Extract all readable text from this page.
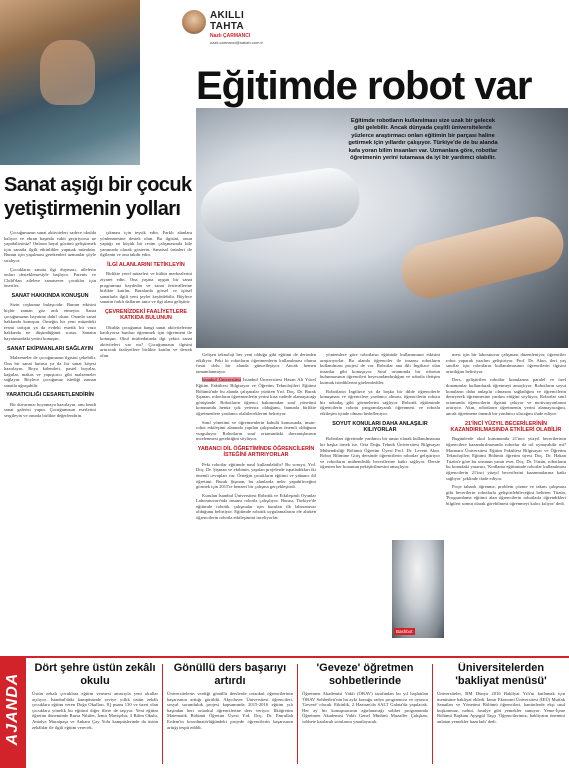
AKILLI
TAHTA
Nazlı ÇARMANCI
nazlı.carmanci@sabah.com.tr
Eğitimde robot var
Eğitimde robotların kullanılması size uzak bir gelecek gibi gelebilir. Ancak dünyada çeşitli üniversitelerde yüzlerce araştırmacı onları eğitimin bir parçası haline getirmek için yıllardır çalışıyor. Türkiye'de de bu alanda kafa yoran bilim insanları var. Uzmanlara göre, robotlar öğretmenin yerini tutamasa da iyi bir yardımcı olabilir.
Sanat aşığı bir çocuk
yetiştirmenin yolları

Çocuğunuzun sanat aktiviteleri sadece okulda kalıyor ve ekran başında vakit geçiriyorsa ne yapabilirsiniz? Onların hayal gücünü geliştirmek için sanatla ilgili etkinlikler yapmak mümkün. Bunun için yapılması gerekenleri uzmanlar şöyle sıralıyor.

Çocukların sanata ilgi duyması, ailelerin onları desteklemesiyle başlıyor. Parents ve Child'dan ailelere sanatsever çocuklar için öneriler.

SANAT HAKKINDA KONUŞUN

Sizin coşkunuz bulaşıcıdır. Bunun etkisini hiçbir zaman göz ardı etmeyin. Sanat çocuğunuzun hayatına dahil olsun. Onunla sanat hakkında konuşun. Örneğin bir yeni müzedeki resmi tartışın ya da evdeki estetik bir vazo hakkında ne düşündüğünü sorun. Sanatın hayatımızdaki yerini konuşun.

SANAT EKİPMANLARI SAĞLAYIN

Malzemeler de çocuğunuzun ilgisini çekebilir. Ona bir sanat kutusu ya da bir sanat köşesi hazırlayın. Boya kalemleri, pastel boyalar, kağıtlar, makas ve yapıştırıcı gibi malzemeler sağlayın. Böylece çocuğunuz istediği zaman sanatla uğraşabilir.

YARATICILIĞI CESARETLENDİRİN

Bir duvarınızı boyamaya hazırlayın, onu kendi sanat galerisi yapın. Çocuğunuzun eserlerini sergileyin ve onunla birlikte değerlendirin.

çıkması için teşvik edin. Farklı alanlara yönlenmesine destek olun. Bu ilgisini, onun yaptığı en küçük bir resim çalışmasında bile yanınızda olarak gösterin. Sanatsal ürünleri ile ilgilenin ve onu takdir edin.

İLGİ ALANLARINI TETİKLEYİN

Birlikte yerel müzeleri ve kültür merkezlerini ziyaret edin. Ona yaşına uygun bir sanat programına kaydedin ve sanat festivallerine birlikte katılın. Buralarda görsel ve işitsel sanatlarla ilgili yeni şeyler keşfedebilir. Böylece sanatın farklı dallarını tanır ve ilgi alanı geliştirir.

ÇEVRENİZDEKİ FAALİYETLERE KATKIDA BULUNUN

Okulda çocuğunuz hangi sanat aktivitelerine katılıyorsa bunları öğrenmek için öğretmeni ile konuşun. Okul müfredatında ilgi çekici sanat aktiviteleri var mı? Çocuğunuzun ilgisini artıracak faaliyetlere birlikte katılın ve destek olun.	Gelişen teknoloji her yeni olduğu gibi eğitimi de derinden etkiliyor. Peki ki robotların öğretmenlerin kullanılması olumu fırsat dolu bir alanda güncelleşiyor. Ancak hemen tamamlanmıyor.

İstanbul Üniversitesi İstanbul Üniversitesi Hasan Ali Yücel Eğitim Fakültesi Bilgisayar ve Öğretim Teknolojileri Eğitimi Bölümü'nde bu alanda çalışmalar yürüten Yrd. Doç. Dr. Burak Şişman, robotların öğretmenlerin yerini kısa vadede alamayacağı görüşünde. Robotların öğrenci bakımından sınıf yönetimi konusunda henüz çok yetersiz olduğunu, bununla birlikte öğretmenlere yardımcı olabileceklerini belirtiyor.

Sınıf yönetimi ve öğretmenlerin kabulü konusunda, insan-robot etkileşimi alanında yapılan çalışmaların önemli olduğunu vurguluyor. Robotların sınıf ortamındaki davranışlarının incelenmesi gerektiğini söylüyor.

YABANCI DİL ÖĞRETİMİNDE ÖĞRENCİLERİN İSTEĞİNİ ARTIRIYORLAR

Peki robotlar eğitimde nasıl kullanılabilir? Bu soruya, Yrd. Doç. Dr. Şişman ve ekibinin, yapılan projelerde ispatladıkları iki önemli cevapları var. Örneğin çocukların eğitimi ve yabancı dil öğretimi. Burak Şişman, bu alanlarda neler yapabileceğini görmek için 2015'te benzeri bir çalışma gerçekleştirdi.

Kurulan İstanbul Üniversitesi Robotik ve Etkileşimli Oyunlar Laboratuvarı'nda insansı robotla çalışılıyor. Burası, Türkiye'de eğitimde robotik çalışmalar için kurulan ilk laboratuvar olduğunu belirtiyor. Eğitimde robotik uygulamalarını ele alırken öğrencilerin robotla etkileşimini inceliyorlar.

yöntemlere göre robotların eğitimde kullanımının etkisini araştırıyorlar. Bu alanda öğrenciler ile insansı robotların kullanılması projesi de var. Robotlar ana dili İngilizce olan insanlar gibi konuşuyor. Sınıf ortamında bir robotun bulunmasının öğrencileri heyecanlandırdığını ve robotla iletişim kurmak istediklerini gözlemlediler.

Robotların İngilizce ya da başka bir dilde öğrencilerle konuşması ve öğrencilere yardımcı olması, öğrencilerin robotu bir arkadaş gibi görmelerini sağlıyor. Robotik eğitiminde öğrencilerin robotu programlayarak öğrenmesi ve robotla etkileşim içinde olması hedefleniyor.

SOYUT KONULARI DAHA ANLAŞILIR KILIYORLAR

Robotları öğretimde yardımcı bir unsur olarak kullanılmasına bir başka örnek ise, Orta Doğu Teknik Üniversitesi Bilgisayar Mühendisliği Bölümü Öğretim Üyesi Prof. Dr. Levent Akın. Robot Bilimine Giriş dersinde öğrencilerin robotlar geliştiriyor ve robotların mühendislik becerilerine katkı sağlıyor. Derste öğrenen her konunun pekiştirilmesini amaçlıyor.

Bashbot

mesi için bir laboratuvar çalışması düzenleniyor, öğrenciler robot yaparak yazılım geliştiriyor. Prof. Dr. Akın, ileri yaş sınıflar için robotların kullanılmasının öğrencilerin ilgisini artırdığını belirtiyor.

Ders, geliştirilen robotlar konularına paralel ve özel donanımlar kullanılarak öğretmeyi amaçlıyor. Robotların soyut konuların daha anlaşılır olmasını sağladığını ve öğrencilerin deneyerek öğrenmesine yardım ettiğini söylüyor. Robotlar sınıf ortamında öğrencilerin ilgisini çekiyor ve motivasyonlarını artırıyor. Akın, robotların öğretmenin yerini alamayacağını, ancak öğretmene önemli bir yardımcı olacağını ifade ediyor.

21'İNCİ YÜZYIL BECERİLERİNİN KAZANDIRILMASINDA ETKİLERİ OLABİLİR

Bugünlerde okul kurumunda 21'inci yüzyıl becerilerinin öğrencilere kazandırılmasında robotlar da rol oynayabilir mi? Marmara Üniversitesi Eğitim Fakültesi Bilgisayar ve Öğretim Teknolojileri Eğitimi Bölümü öğretim üyesi Doç. Dr. Hakan Tüzün'e göre bu sorunun yanıtı evet. Doç. Dr. Tüzün, robotların bu konudaki yararını, 'Kodlama eğitiminde robotlar kullanılması öğrencilerin 21'inci yüzyıl becerilerini kazanmalarına katkı sağlıyor' şeklinde ifade ediyor.

Proje tabanlı öğrenme, problem çözme ve takım çalışması gibi becerilerin robotlarla geliştirilebileceğini belirten Tüzün, 'Programlama eğitimi alan öğrencilerin robotlarla öğrendikleri bilgileri somut olarak görebilmesi öğrenmeyi kalıcı kılıyor' dedi.

AJANDA
Dört şehre üstün zekâlı okulu
Üstün zekalı çocuklara eğitim vermesi amacıyla yeni okullar açılıyor. İstanbul'daki kampüsünde seviye yıllık üstün zekâlı çocuklara eğitim veren Doğa Okulları, IQ puanı 130 ve üzeri olan çocuklara yönelik bu eğitimi diğer illere de taşıyor. Yeni eğitim öğretim döneminde Bursa Nilüfer, İzmir Mavişehir, 3 Bilim Okulu, Antalya Muratpaşa ve Ankara Çay Yolu kampüslerinde da üstün zekâlılar ile ilgili eğitim verecek.
Gönüllü ders başarıyı artırdı
Üniversitelerin verdiği gönüllü derslerde ortaokul öğrencilerinin başarısının arttığı görüldü. Akyoluver Üniversitesi öğrencileri, sosyal sorumluluk projesi kapsamında 2015-2016 eğitim yılı başından beri ortaokul öğrencilerine ders veriyor. İlköğretim Matematik Bölümü Öğretim Üyesi Yrd. Doç. Dr. Emrullah Erdem'in koordinatörlüğündeki projede öğrencilerin başarısının arttığı tespit edildi.
'Geveze' öğretmen sohbetlerinde
Öğretmen Akademisi Vakfı (ÖRAV) tarafından bu yıl başlatılan 'ÖRAV Sohbetleri'nin bu ayki konuğu radyo programcısı ve oyuncu 'Gevezé' olacak. Etkinlik, 2 Haziran'da SALT Galata'da yapılacak. Her ay bir konuşmacının ağırlanacağı sohbet programında Öğretmen Akademisi Vakfı Genel Müdürü Muzaffer Çalışkan, sohbete katılarak sorularını yanıtlayacak.
Üniversitelerden 'bakliyat menüsü'
Üniversiteler, BM Dünya 2016 Bakliyat Yılı'nı kutlamak için menüsüne bakliyat ekledi. İzmir Ekonomi Üniversitesi (İEÜ) Mutfak Sanatları ve Yönetimi Bölümü öğrencileri, kantinlerde ekşi usul kuşkonmaz, nohut, fasulye gibi yemekler sunuyor. Yeme-İçme Bölümü Başkanı Ayşegül Taşçı 'Öğrencilerimiz, bakliyatın önemini anlatan yemekler hazırladı' dedi.
